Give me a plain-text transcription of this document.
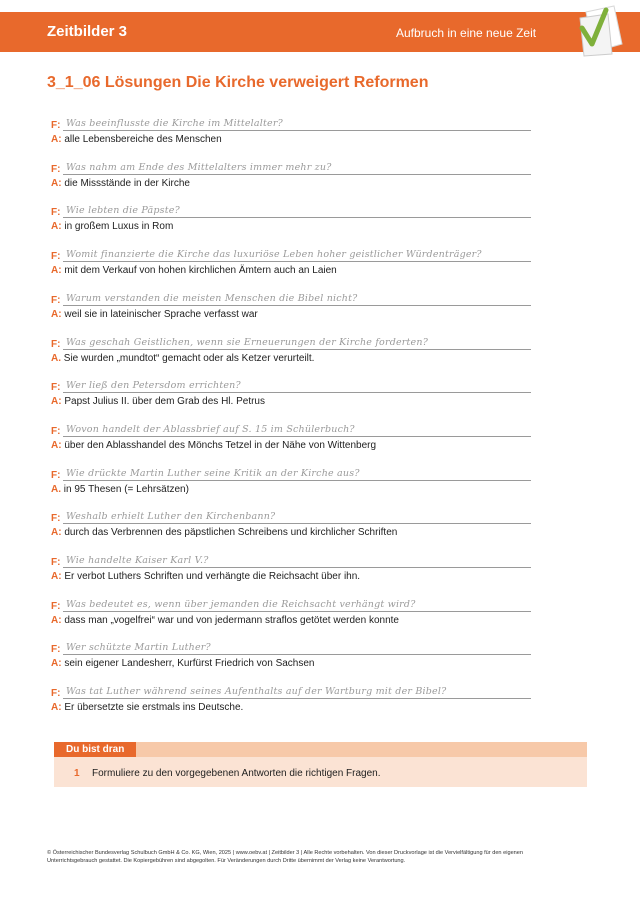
Zeitbilder 3	Aufbruch in eine neue Zeit
3_1_06 Lösungen Die Kirche verweigert Reformen
F: Was beeinflusste die Kirche im Mittelalter?
A: alle Lebensbereiche des Menschen
F: Was nahm am Ende des Mittelalters immer mehr zu?
A: die Missstände in der Kirche
F: Wie lebten die Päpste?
A: in großem Luxus in Rom
F: Womit finanzierte die Kirche das luxuriöse Leben hoher geistlicher Würdenträger?
A: mit dem Verkauf von hohen kirchlichen Ämtern auch an Laien
F: Warum verstanden die meisten Menschen die Bibel nicht?
A: weil sie in lateinischer Sprache verfasst war
F: Was geschah Geistlichen, wenn sie Erneuerungen der Kirche forderten?
A. Sie wurden „mundtot“ gemacht oder als Ketzer verurteilt.
F: Wer ließ den Petersdom errichten?
A: Papst Julius II. über dem Grab des Hl. Petrus
F: Wovon handelt der Ablassbrief auf S. 15 im Schülerbuch?
A: über den Ablasshandel des Mönchs Tetzel in der Nähe von Wittenberg
F: Wie drückte Martin Luther seine Kritik an der Kirche aus?
A. in 95 Thesen (= Lehrsätzen)
F: Weshalb erhielt Luther den Kirchenbann?
A: durch das Verbrennen des päpstlichen Schreibens und kirchlicher Schriften
F: Wie handelte Kaiser Karl V.?
A: Er verbot Luthers Schriften und verhängte die Reichsacht über ihn.
F: Was bedeutet es, wenn über jemanden die Reichsacht verhängt wird?
A: dass man „vogelfrei“ war und von jedermann straflos getötet werden konnte
F: Wer schützte Martin Luther?
A: sein eigener Landesherr, Kurfürst Friedrich von Sachsen
F: Was tat Luther während seines Aufenthalts auf der Wartburg mit der Bibel?
A: Er übersetzte sie erstmals ins Deutsche.
Du bist dran
1 Formuliere zu den vorgegebenen Antworten die richtigen Fragen.

© Österreichischer Bundesverlag Schulbuch GmbH & Co. KG, Wien, 2025 | www.oebv.at | Zeitbilder 3 | Alle Rechte vorbehalten. Von dieser Druckvorlage ist die Vervielfältigung für den eigenen
Unterrichtsgebrauch gestattet. Die Kopiergebühren sind abgegolten. Für Veränderungen durch Dritte übernimmt der Verlag keine Verantwortung.
